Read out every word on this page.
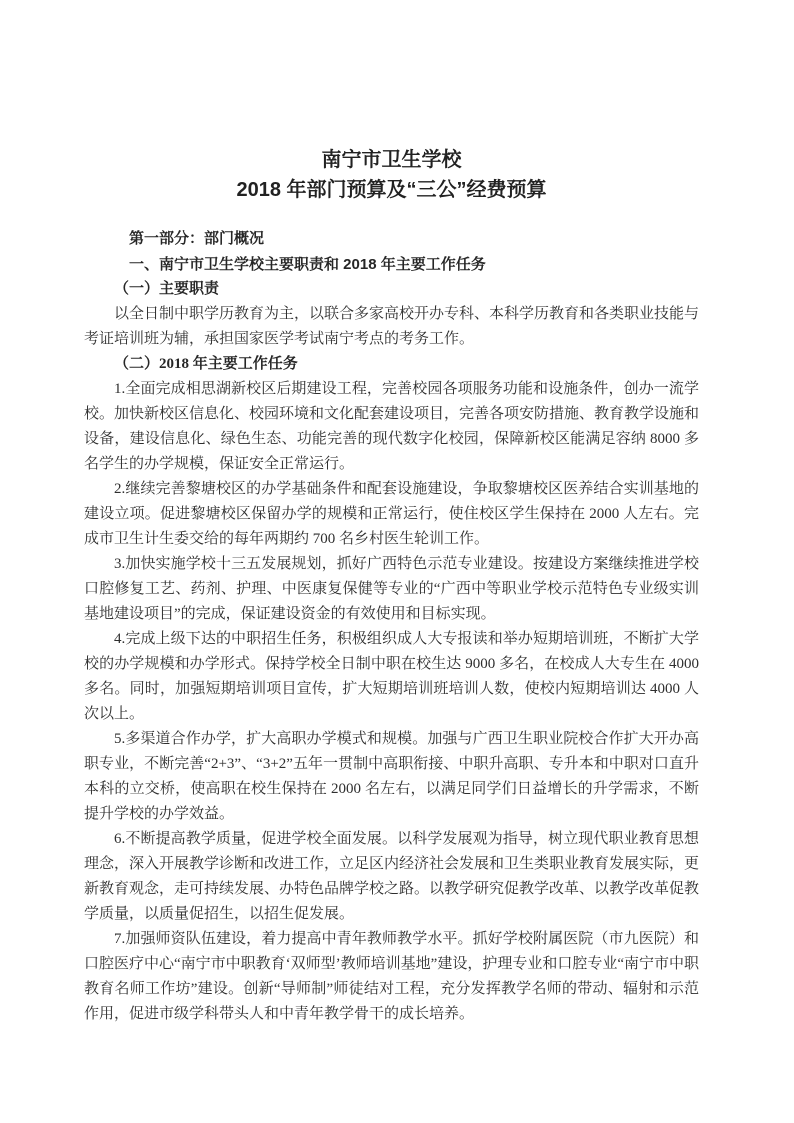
南宁市卫生学校
2018 年部门预算及“三公”经费预算

第一部分：部门概况

一、南宁市卫生学校主要职责和 2018 年主要工作任务

（一）主要职责

以全日制中职学历教育为主，以联合多家高校开办专科、本科学历教育和各类职业技能与考证培训班为辅，承担国家医学考试南宁考点的考务工作。

（二）2018 年主要工作任务

1.全面完成相思湖新校区后期建设工程，完善校园各项服务功能和设施条件，创办一流学校。加快新校区信息化、校园环境和文化配套建设项目，完善各项安防措施、教育教学设施和设备，建设信息化、绿色生态、功能完善的现代数字化校园，保障新校区能满足容纳 8000 多名学生的办学规模，保证安全正常运行。

2.继续完善黎塘校区的办学基础条件和配套设施建设，争取黎塘校区医养结合实训基地的建设立项。促进黎塘校区保留办学的规模和正常运行，使住校区学生保持在 2000 人左右。完成市卫生计生委交给的每年两期约 700 名乡村医生轮训工作。

3.加快实施学校十三五发展规划，抓好广西特色示范专业建设。按建设方案继续推进学校口腔修复工艺、药剂、护理、中医康复保健等专业的“广西中等职业学校示范特色专业级实训基地建设项目”的完成，保证建设资金的有效使用和目标实现。

4.完成上级下达的中职招生任务，积极组织成人大专报读和举办短期培训班，不断扩大学校的办学规模和办学形式。保持学校全日制中职在校生达 9000 多名，在校成人大专生在 4000 多名。同时，加强短期培训项目宣传，扩大短期培训班培训人数，使校内短期培训达 4000 人次以上。

5.多渠道合作办学，扩大高职办学模式和规模。加强与广西卫生职业院校合作扩大开办高职专业，不断完善“2+3”、“3+2”五年一贯制中高职衔接、中职升高职、专升本和中职对口直升本科的立交桥，使高职在校生保持在 2000 名左右，以满足同学们日益增长的升学需求，不断提升学校的办学效益。

6.不断提高教学质量，促进学校全面发展。以科学发展观为指导，树立现代职业教育思想理念，深入开展教学诊断和改进工作，立足区内经济社会发展和卫生类职业教育发展实际，更新教育观念，走可持续发展、办特色品牌学校之路。以教学研究促教学改革、以教学改革促教学质量，以质量促招生，以招生促发展。

7.加强师资队伍建设，着力提高中青年教师教学水平。抓好学校附属医院（市九医院）和口腔医疗中心“南宁市中职教育‘双师型’教师培训基地”建设，护理专业和口腔专业“南宁市中职教育名师工作坊”建设。创新“导师制”师徒结对工程，充分发挥教学名师的带动、辐射和示范作用，促进市级学科带头人和中青年教学骨干的成长培养。
